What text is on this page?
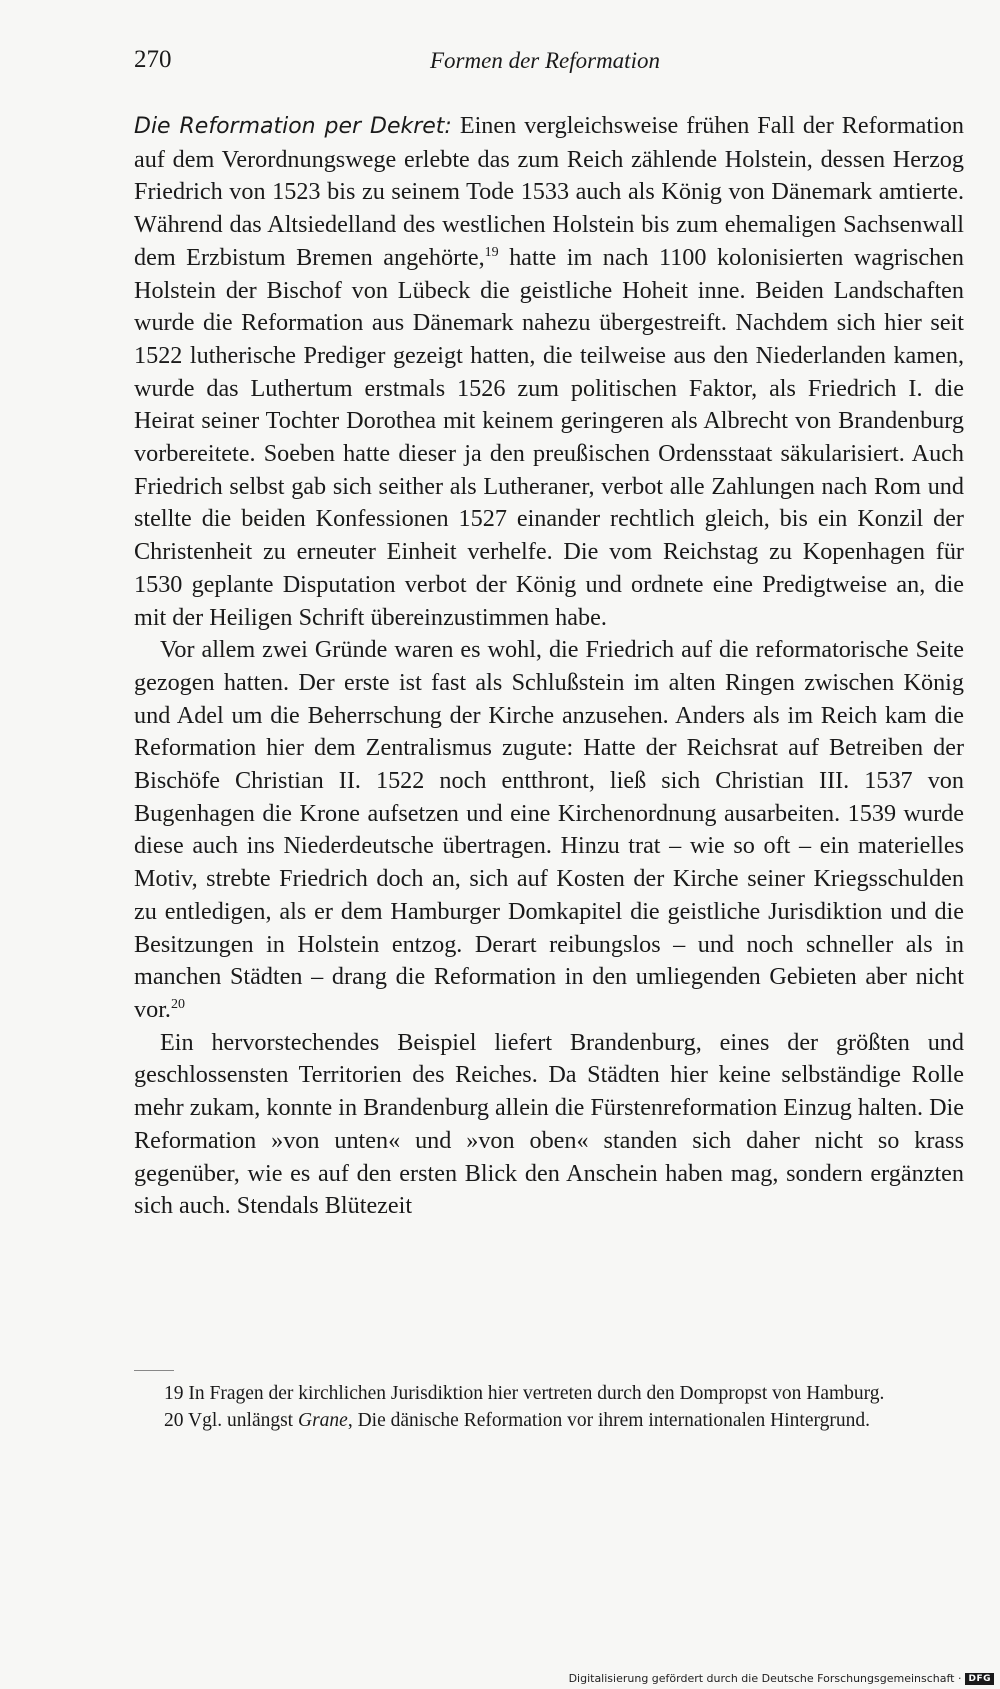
270	Formen der Reformation

Die Reformation per Dekret: Einen vergleichsweise frühen Fall der Reformation auf dem Verordnungswege erlebte das zum Reich zählende Holstein, dessen Herzog Friedrich von 1523 bis zu seinem Tode 1533 auch als König von Dänemark amtierte. Während das Altsiedelland des westlichen Holstein bis zum ehemaligen Sachsenwall dem Erzbistum Bremen angehörte,$^{19}$ hatte im nach 1100 kolonisierten wagrischen Holstein der Bischof von Lübeck die geistliche Hoheit inne. Beiden Landschaften wurde die Reformation aus Dänemark nahezu übergestreift. Nachdem sich hier seit 1522 lutherische Prediger gezeigt hatten, die teilweise aus den Niederlanden kamen, wurde das Luthertum erstmals 1526 zum politischen Faktor, als Friedrich I. die Heirat seiner Tochter Dorothea mit keinem geringeren als Albrecht von Brandenburg vorbereitete. Soeben hatte dieser ja den preußischen Ordensstaat säkularisiert. Auch Friedrich selbst gab sich seither als Lutheraner, verbot alle Zahlungen nach Rom und stellte die beiden Konfessionen 1527 einander rechtlich gleich, bis ein Konzil der Christenheit zu erneuter Einheit verhelfe. Die vom Reichstag zu Kopenhagen für 1530 geplante Disputation verbot der König und ordnete eine Predigtweise an, die mit der Heiligen Schrift übereinzustimmen habe.

Vor allem zwei Gründe waren es wohl, die Friedrich auf die reformatorische Seite gezogen hatten. Der erste ist fast als Schlußstein im alten Ringen zwischen König und Adel um die Beherrschung der Kirche anzusehen. Anders als im Reich kam die Reformation hier dem Zentralismus zugute: Hatte der Reichsrat auf Betreiben der Bischöfe Christian II. 1522 noch entthront, ließ sich Christian III. 1537 von Bugenhagen die Krone aufsetzen und eine Kirchenordnung ausarbeiten. 1539 wurde diese auch ins Niederdeutsche übertragen. Hinzu trat – wie so oft – ein materielles Motiv, strebte Friedrich doch an, sich auf Kosten der Kirche seiner Kriegsschulden zu entledigen, als er dem Hamburger Domkapitel die geistliche Jurisdiktion und die Besitzungen in Holstein entzog. Derart reibungslos – und noch schneller als in manchen Städten – drang die Reformation in den umliegenden Gebieten aber nicht vor.$^{20}$

Ein hervorstechendes Beispiel liefert Brandenburg, eines der größten und geschlossensten Territorien des Reiches. Da Städten hier keine selbständige Rolle mehr zukam, konnte in Brandenburg allein die Fürstenreformation Einzug halten. Die Reformation »von unten« und »von oben« standen sich daher nicht so krass gegenüber, wie es auf den ersten Blick den Anschein haben mag, sondern ergänzten sich auch. Stendals Blütezeit

19 In Fragen der kirchlichen Jurisdiktion hier vertreten durch den Dompropst von Hamburg.

20 Vgl. unlängst Grane, Die dänische Reformation vor ihrem internationalen Hintergrund.

Digitalisierung gefördert durch die Deutsche Forschungsgemeinschaft · DFG
